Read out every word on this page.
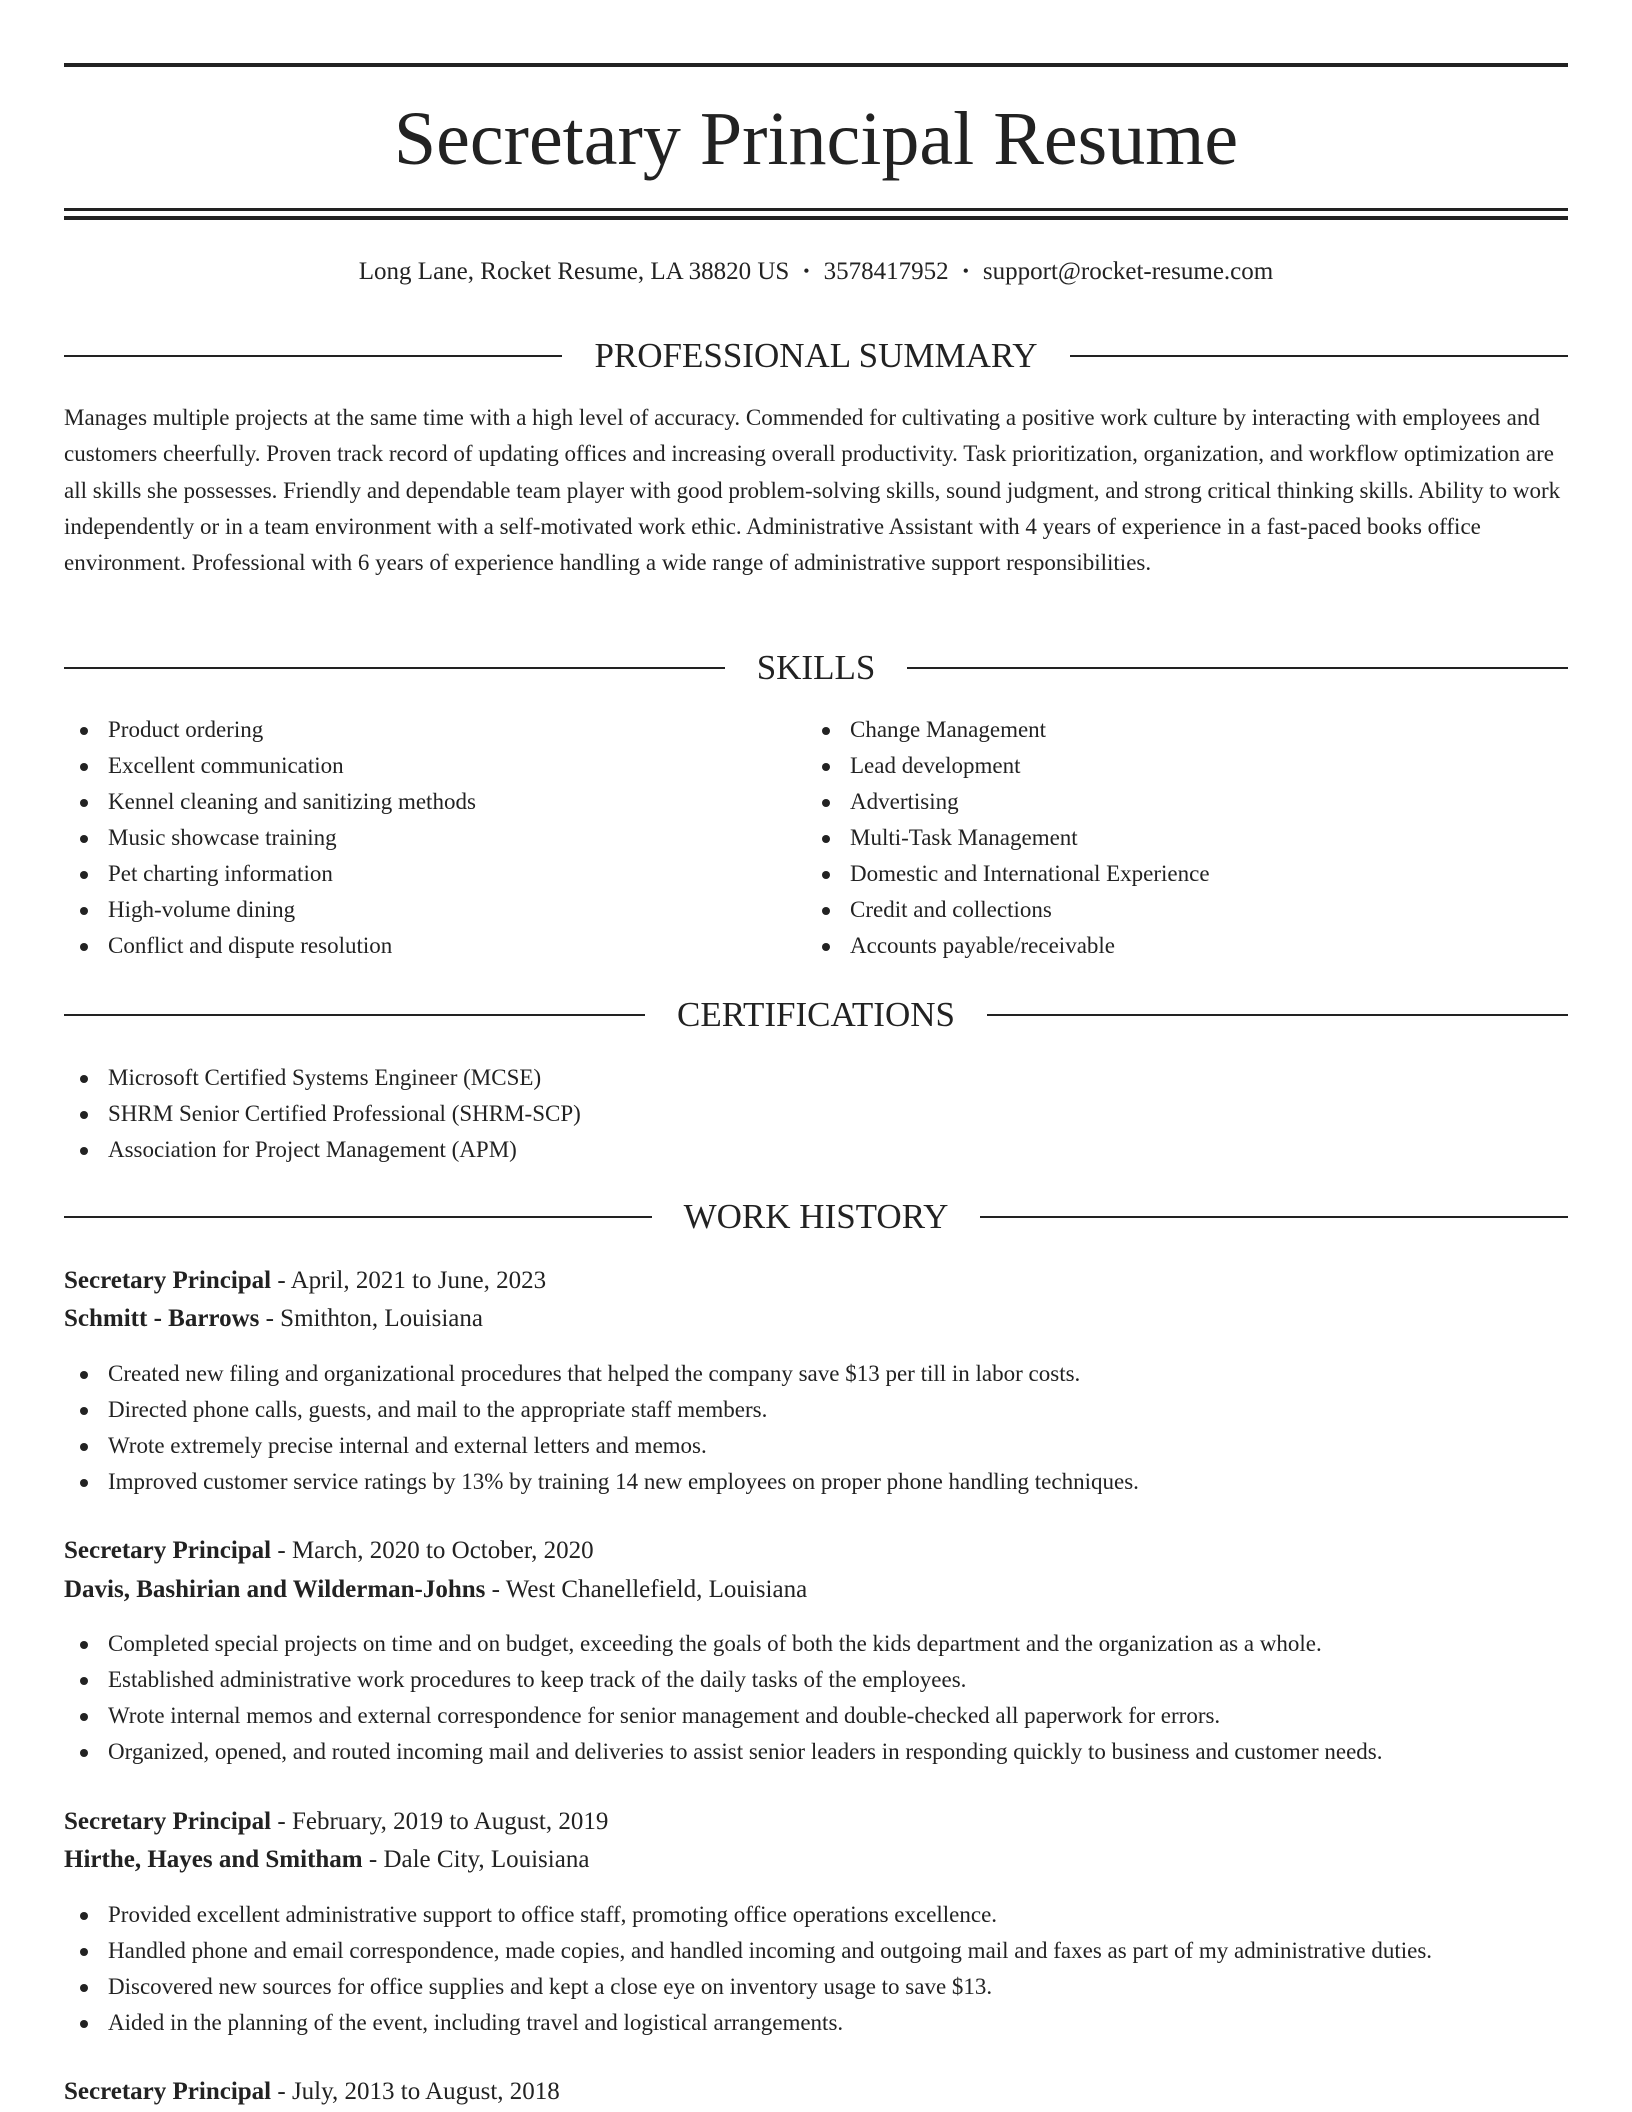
Secretary Principal Resume
Long Lane, Rocket Resume, LA 38820 US • 3578417952 • support@rocket-resume.com
PROFESSIONAL SUMMARY

Manages multiple projects at the same time with a high level of accuracy. Commended for cultivating a positive work culture by interacting with employees and customers cheerfully. Proven track record of updating offices and increasing overall productivity. Task prioritization, organization, and workflow optimization are all skills she possesses. Friendly and dependable team player with good problem-solving skills, sound judgment, and strong critical thinking skills. Ability to work independently or in a team environment with a self-motivated work ethic. Administrative Assistant with 4 years of experience in a fast-paced books office environment. Professional with 6 years of experience handling a wide range of administrative support responsibilities.

SKILLS
Product ordering
Excellent communication
Kennel cleaning and sanitizing methods
Music showcase training
Pet charting information
High-volume dining
Conflict and dispute resolution
Change Management
Lead development
Advertising
Multi-Task Management
Domestic and International Experience
Credit and collections
Accounts payable/receivable
CERTIFICATIONS
Microsoft Certified Systems Engineer (MCSE)
SHRM Senior Certified Professional (SHRM-SCP)
Association for Project Management (APM)
WORK HISTORY
Secretary Principal - April, 2021 to June, 2023
Schmitt - Barrows - Smithton, Louisiana
Created new filing and organizational procedures that helped the company save $13 per till in labor costs.
Directed phone calls, guests, and mail to the appropriate staff members.
Wrote extremely precise internal and external letters and memos.
Improved customer service ratings by 13% by training 14 new employees on proper phone handling techniques.
Secretary Principal - March, 2020 to October, 2020
Davis, Bashirian and Wilderman-Johns - West Chanellefield, Louisiana
Completed special projects on time and on budget, exceeding the goals of both the kids department and the organization as a whole.
Established administrative work procedures to keep track of the daily tasks of the employees.
Wrote internal memos and external correspondence for senior management and double-checked all paperwork for errors.
Organized, opened, and routed incoming mail and deliveries to assist senior leaders in responding quickly to business and customer needs.
Secretary Principal - February, 2019 to August, 2019
Hirthe, Hayes and Smitham - Dale City, Louisiana
Provided excellent administrative support to office staff, promoting office operations excellence.
Handled phone and email correspondence, made copies, and handled incoming and outgoing mail and faxes as part of my administrative duties.
Discovered new sources for office supplies and kept a close eye on inventory usage to save $13.
Aided in the planning of the event, including travel and logistical arrangements.
Secretary Principal - July, 2013 to August, 2018
